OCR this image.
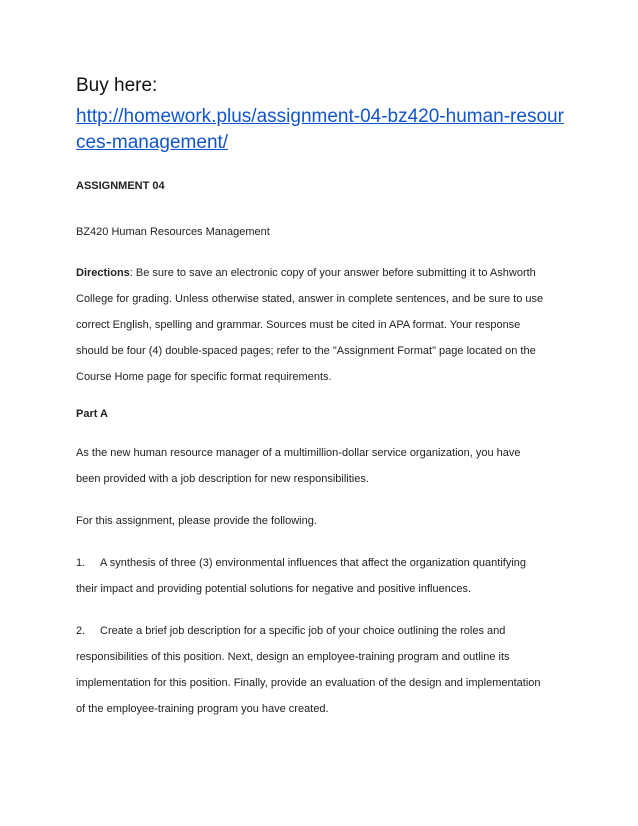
Buy here:

http://homework.plus/assignment-04-bz420-human-resour
ces-management/

ASSIGNMENT 04

BZ420 Human Resources Management

Directions: Be sure to save an electronic copy of your answer before submitting it to Ashworth
College for grading. Unless otherwise stated, answer in complete sentences, and be sure to use
correct English, spelling and grammar. Sources must be cited in APA format. Your response
should be four (4) double-spaced pages; refer to the "Assignment Format" page located on the
Course Home page for specific format requirements.

Part A

As the new human resource manager of a multimillion-dollar service organization, you have
been provided with a job description for new responsibilities.
For this assignment, please provide the following.
1. A synthesis of three (3) environmental influences that affect the organization quantifying
their impact and providing potential solutions for negative and positive influences.
2. Create a brief job description for a specific job of your choice outlining the roles and
responsibilities of this position. Next, design an employee-training program and outline its
implementation for this position. Finally, provide an evaluation of the design and implementation
of the employee-training program you have created.
